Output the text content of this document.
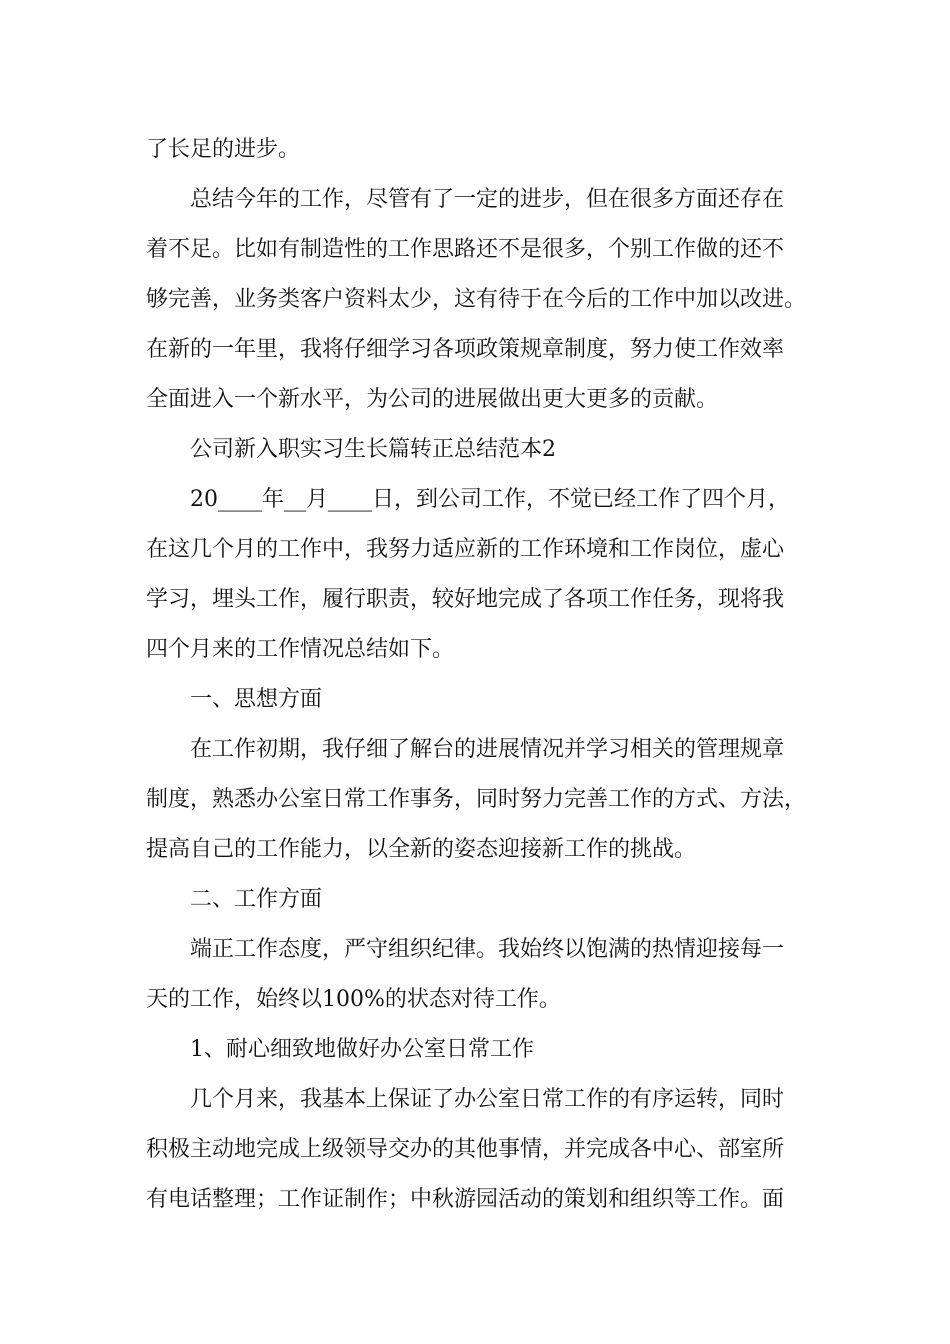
了长足的进步。
总结今年的工作，尽管有了一定的进步，但在很多方面还存在
着不足。比如有制造性的工作思路还不是很多，个别工作做的还不
够完善，业务类客户资料太少，这有待于在今后的工作中加以改进。
在新的一年里，我将仔细学习各项政策规章制度，努力使工作效率
全面进入一个新水平，为公司的进展做出更大更多的贡献。
公司新入职实习生长篇转正总结范本2
20____年__月____日，到公司工作，不觉已经工作了四个月，
在这几个月的工作中，我努力适应新的工作环境和工作岗位，虚心
学习，埋头工作，履行职责，较好地完成了各项工作任务，现将我
四个月来的工作情况总结如下。
一、思想方面
在工作初期，我仔细了解台的进展情况并学习相关的管理规章
制度，熟悉办公室日常工作事务，同时努力完善工作的方式、方法，
提高自己的工作能力，以全新的姿态迎接新工作的挑战。
二、工作方面
端正工作态度，严守组织纪律。我始终以饱满的热情迎接每一
天的工作，始终以100%的状态对待工作。
1、耐心细致地做好办公室日常工作
几个月来，我基本上保证了办公室日常工作的有序运转，同时
积极主动地完成上级领导交办的其他事情，并完成各中心、部室所
有电话整理；工作证制作；中秋游园活动的策划和组织等工作。面
